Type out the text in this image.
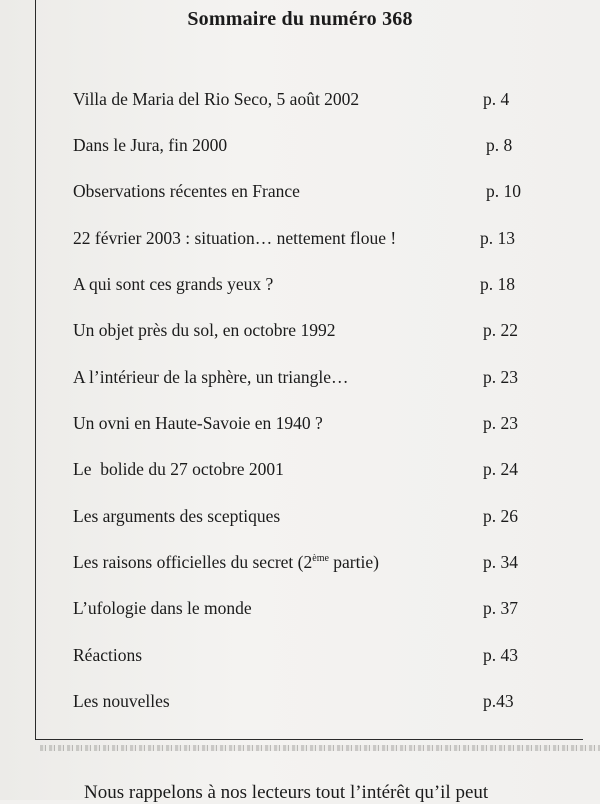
Sommaire du numéro 368
Villa de Maria del Rio Seco, 5 août 2002	p. 4
Dans le Jura, fin 2000	p. 8
Observations récentes en France	p. 10
22 février 2003 : situation… nettement floue !	p. 13
A qui sont ces grands yeux ?	p. 18
Un objet près du sol, en octobre 1992	p. 22
A l’intérieur de la sphère, un triangle…	p. 23
Un ovni en Haute-Savoie en 1940 ?	p. 23
Le  bolide du 27 octobre 2001	p. 24
Les arguments des sceptiques	p. 26
Les raisons officielles du secret (2ème partie)	p. 34
L’ufologie dans le monde	p. 37
Réactions	p. 43
Les nouvelles	p.43
Nous rappelons à nos lecteurs tout l’intérêt qu’il peut
